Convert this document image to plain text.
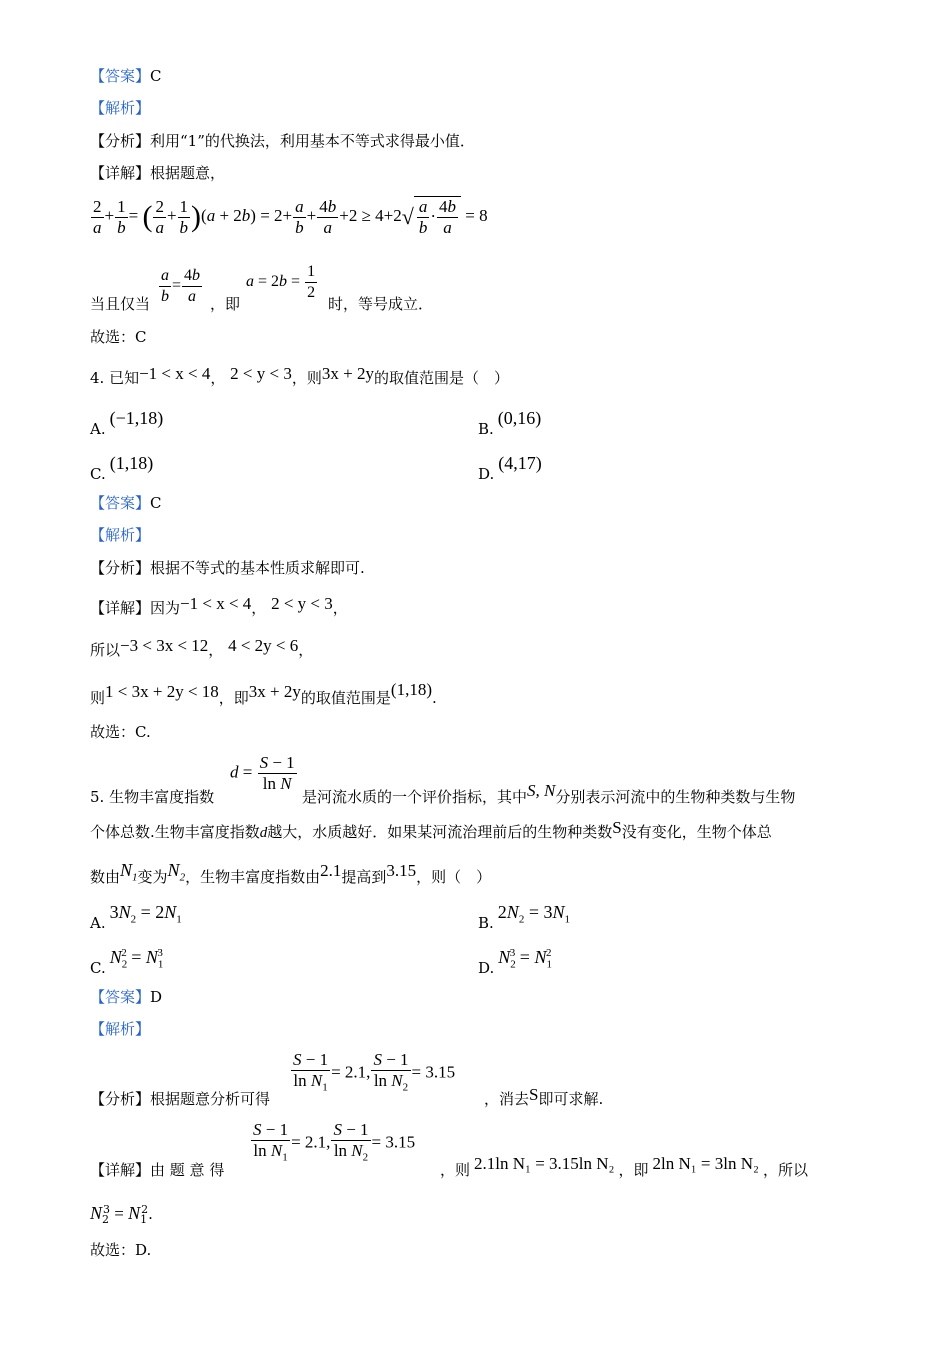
【答案】C
【解析】
【分析】利用“1”的代换法，利用基本不等式求得最小值．
【详解】根据题意，
$\frac{2}{a} + \frac{1}{b}$ = ( $\frac{2}{a} + \frac{1}{b} )(a + 2b) = 2+ \frac{a}{b} + \frac{4b}{a} +2 \ge 4+2√ \frac{a}{b} \cdot \frac{4b}{a} = 8$
当且仅当 $\frac{a}{b} = \frac{4b}{a}$ ，即
$a = 2b = \frac{1}{2}$
时，等号成立．
故选：C
4. 已知−1 < x < 4， 2 < y < 3，则3x + 2y的取值范围是（　）
A.(−1,18)
B.(0,16)
C.(1,18)
D.(4,17)
【答案】C
【解析】
【分析】根据不等式的基本性质求解即可.
【详解】因为−1 < x < 4， 2 < y < 3，
所以−3 < 3x < 12， 4 < 2y < 6，
则1 < 3x + 2y < 18，即3x + 2y的取值范围是(1,18).
故选：C.
5. 生物丰富度指数
$d = \frac{S - 1}{\text{ln N}}$
是河流水质的一个评价指标，其中S, N分别表示河流中的生物种类数与生物
个体总数.生物丰富度指数d越大，水质越好．如果某河流治理前后的生物种类数S没有变化，生物个体总
数由$N_1$变为$N_2$，生物丰富度指数由2.1提高到3.15，则（　）
$A.3N_2 = 2N_1$	$B.2N_2 = 3N_1$
$C.N_2^2 = N_1^3$
$D.N_2^3 = N_1^2$
【答案】D
【解析】
【分析】根据题意分析可得
$\frac{S - 1}{\ln N_1} = 2.1$, $\frac{S - 1}{\ln N_2} = 3.15$
，消去S即可求解.
【详解】由 题 意 得
$\frac{S - 1}{\ln N_1} = 2.1$, $\frac{S - 1}{\ln N_2} = 3.15$
，则 2.1ln N₁ = 3.15ln N₂ ，即 2ln N₁ = 3ln N₂ ，所以
$N_2^3 = N_1^2$.
故选：D.
